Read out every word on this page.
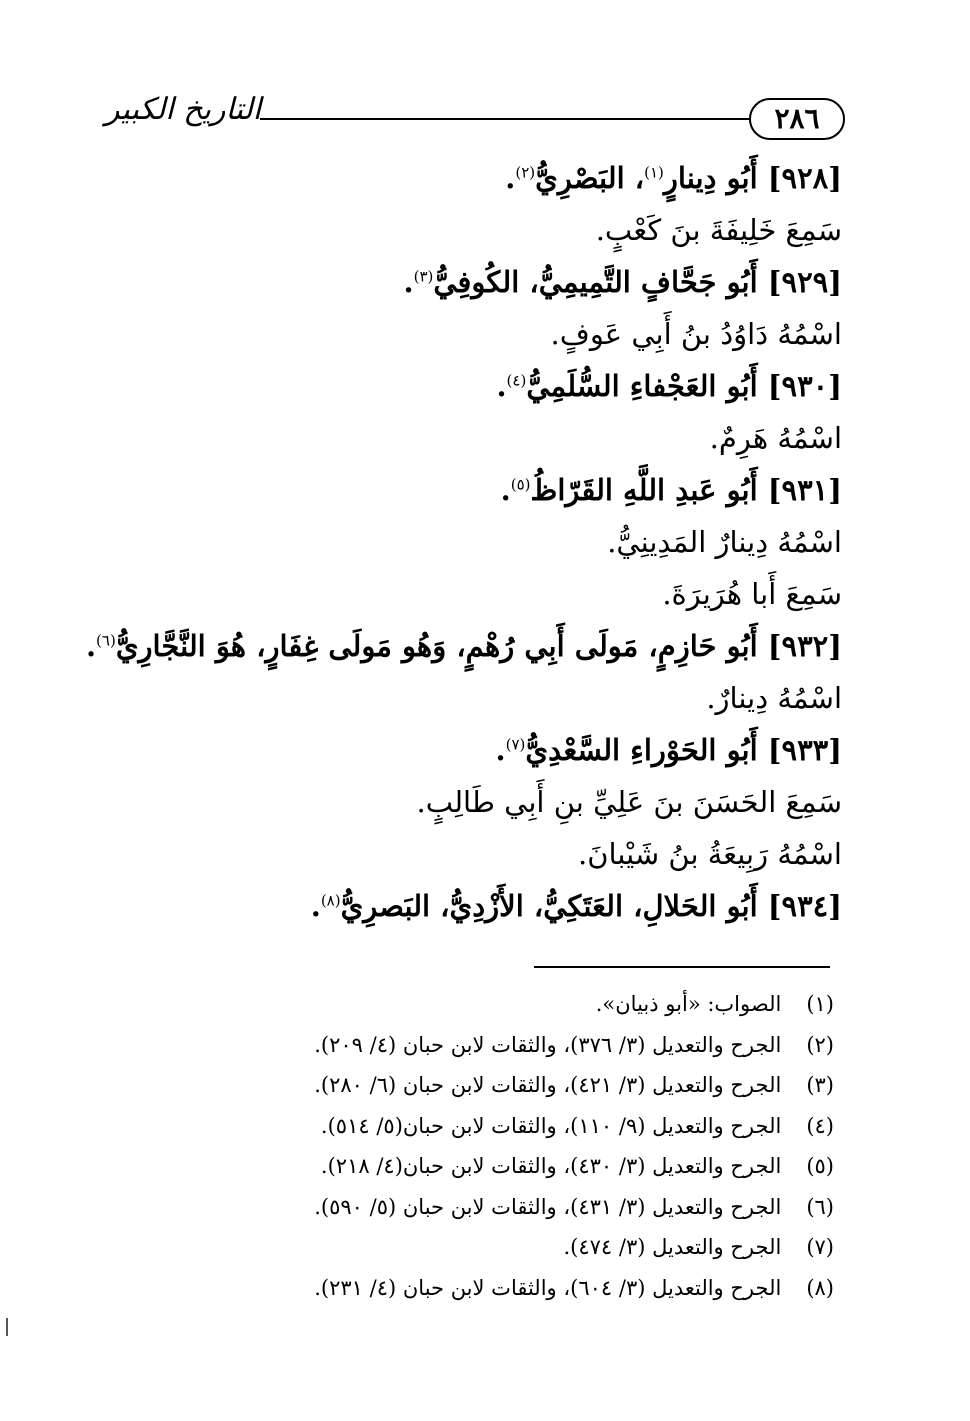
٢٨٦
التاريخ الكبير
[٩٢٨] أَبُو دِينارٍ$^{(١)}$، البَصْرِيُّ$^{(٢)}$.
سَمِعَ خَلِيفَةَ بنَ كَعْبٍ.
[٩٢٩] أَبُو جَحَّافٍ التَّمِيمِيُّ، الكُوفِيُّ$^{(٣)}$.
اسْمُهُ دَاوُدُ بنُ أَبِي عَوفٍ.
[٩٣٠] أَبُو العَجْفاءِ السُّلَمِيُّ$^{(٤)}$.
اسْمُهُ هَرِمٌ.
[٩٣١] أَبُو عَبدِ اللَّهِ القَرّاظُ$^{(٥)}$.
اسْمُهُ دِينارٌ المَدِينِيُّ.
سَمِعَ أَبا هُرَيرَةَ.
[٩٣٢] أَبُو حَازِمٍ، مَولَى أَبِي رُهْمٍ، وَهُو مَولَى غِفَارٍ، هُوَ النَّجَّارِيُّ$^{(٦)}$.
اسْمُهُ دِينارٌ.
[٩٣٣] أَبُو الحَوْراءِ السَّعْدِيُّ$^{(٧)}$.
سَمِعَ الحَسَنَ بنَ عَلِيِّ بنِ أَبِي طَالِبٍ.
اسْمُهُ رَبِيعَةُ بنُ شَيْبانَ.
[٩٣٤] أَبُو الحَلالِ، العَتَكِيُّ، الأَزْدِيُّ، البَصرِيُّ$^{(٨)}$.
(١) الصواب: «أبو ذبيان».
(٢) الجرح والتعديل (٣/ ٣٧٦)، والثقات لابن حبان (٤/ ٢٠٩).
(٣) الجرح والتعديل (٣/ ٤٢١)، والثقات لابن حبان (٦/ ٢٨٠).
(٤) الجرح والتعديل (٩/ ١١٠)، والثقات لابن حبان(٥/ ٥١٤).
(٥) الجرح والتعديل (٣/ ٤٣٠)، والثقات لابن حبان(٤/ ٢١٨).
(٦) الجرح والتعديل (٣/ ٤٣١)، والثقات لابن حبان (٥/ ٥٩٠).
(٧) الجرح والتعديل (٣/ ٤٧٤).
(٨) الجرح والتعديل (٣/ ٦٠٤)، والثقات لابن حبان (٤/ ٢٣١).
